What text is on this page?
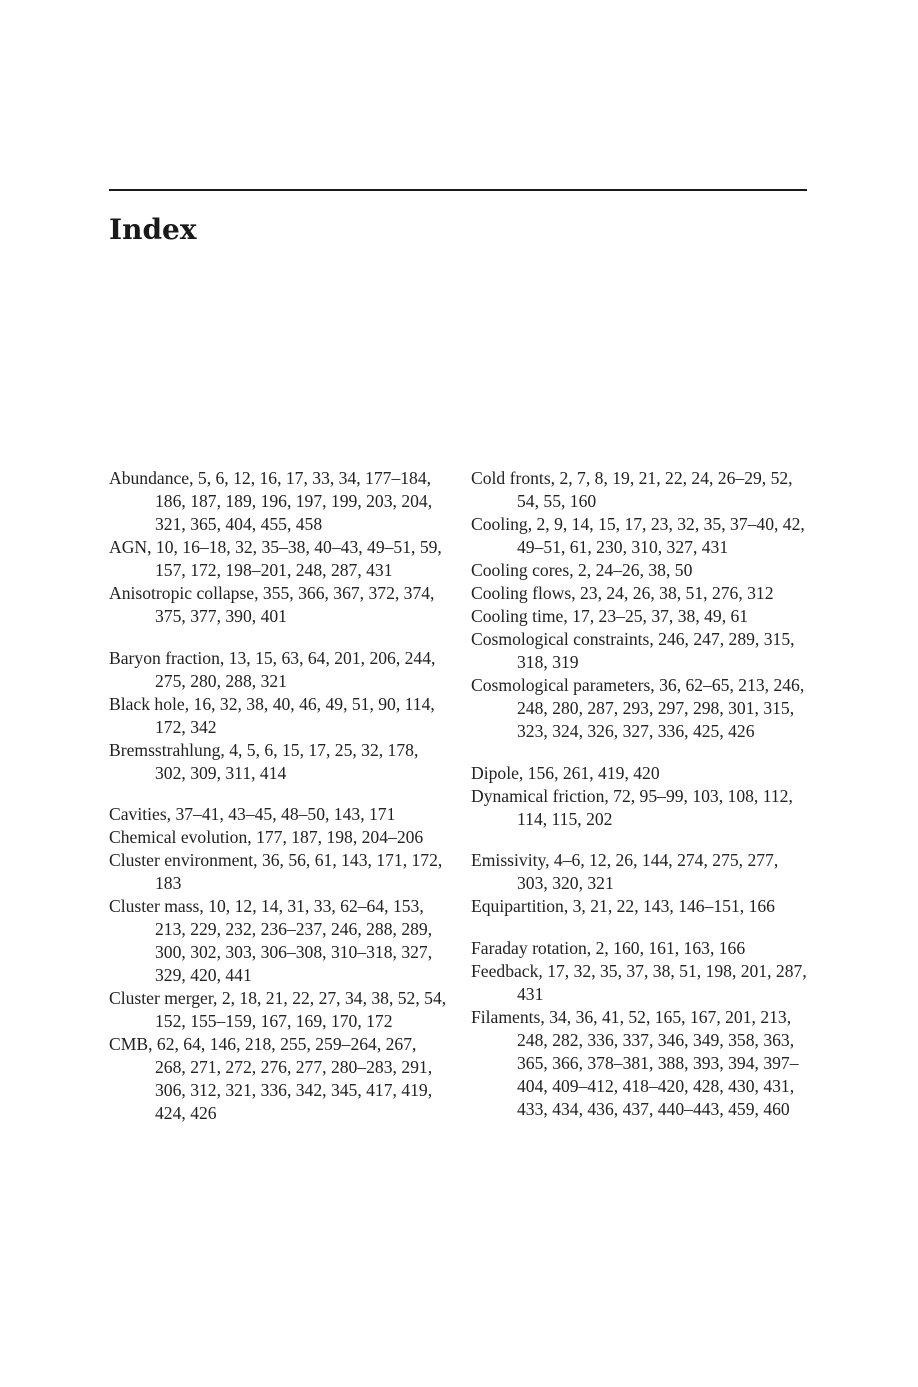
Index

Abundance, 5, 6, 12, 16, 17, 33, 34, 177–184, 186, 187, 189, 196, 197, 199, 203, 204, 321, 365, 404, 455, 458

AGN, 10, 16–18, 32, 35–38, 40–43, 49–51, 59, 157, 172, 198–201, 248, 287, 431

Anisotropic collapse, 355, 366, 367, 372, 374, 375, 377, 390, 401

Baryon fraction, 13, 15, 63, 64, 201, 206, 244, 275, 280, 288, 321

Black hole, 16, 32, 38, 40, 46, 49, 51, 90, 114, 172, 342

Bremsstrahlung, 4, 5, 6, 15, 17, 25, 32, 178, 302, 309, 311, 414

Cavities, 37–41, 43–45, 48–50, 143, 171

Chemical evolution, 177, 187, 198, 204–206

Cluster environment, 36, 56, 61, 143, 171, 172, 183

Cluster mass, 10, 12, 14, 31, 33, 62–64, 153, 213, 229, 232, 236–237, 246, 288, 289, 300, 302, 303, 306–308, 310–318, 327, 329, 420, 441

Cluster merger, 2, 18, 21, 22, 27, 34, 38, 52, 54, 152, 155–159, 167, 169, 170, 172

CMB, 62, 64, 146, 218, 255, 259–264, 267, 268, 271, 272, 276, 277, 280–283, 291, 306, 312, 321, 336, 342, 345, 417, 419, 424, 426

Cold fronts, 2, 7, 8, 19, 21, 22, 24, 26–29, 52, 54, 55, 160

Cooling, 2, 9, 14, 15, 17, 23, 32, 35, 37–40, 42, 49–51, 61, 230, 310, 327, 431

Cooling cores, 2, 24–26, 38, 50

Cooling flows, 23, 24, 26, 38, 51, 276, 312

Cooling time, 17, 23–25, 37, 38, 49, 61

Cosmological constraints, 246, 247, 289, 315, 318, 319

Cosmological parameters, 36, 62–65, 213, 246, 248, 280, 287, 293, 297, 298, 301, 315, 323, 324, 326, 327, 336, 425, 426

Dipole, 156, 261, 419, 420

Dynamical friction, 72, 95–99, 103, 108, 112, 114, 115, 202

Emissivity, 4–6, 12, 26, 144, 274, 275, 277, 303, 320, 321

Equipartition, 3, 21, 22, 143, 146–151, 166

Faraday rotation, 2, 160, 161, 163, 166

Feedback, 17, 32, 35, 37, 38, 51, 198, 201, 287, 431

Filaments, 34, 36, 41, 52, 165, 167, 201, 213, 248, 282, 336, 337, 346, 349, 358, 363, 365, 366, 378–381, 388, 393, 394, 397–404, 409–412, 418–420, 428, 430, 431, 433, 434, 436, 437, 440–443, 459, 460
